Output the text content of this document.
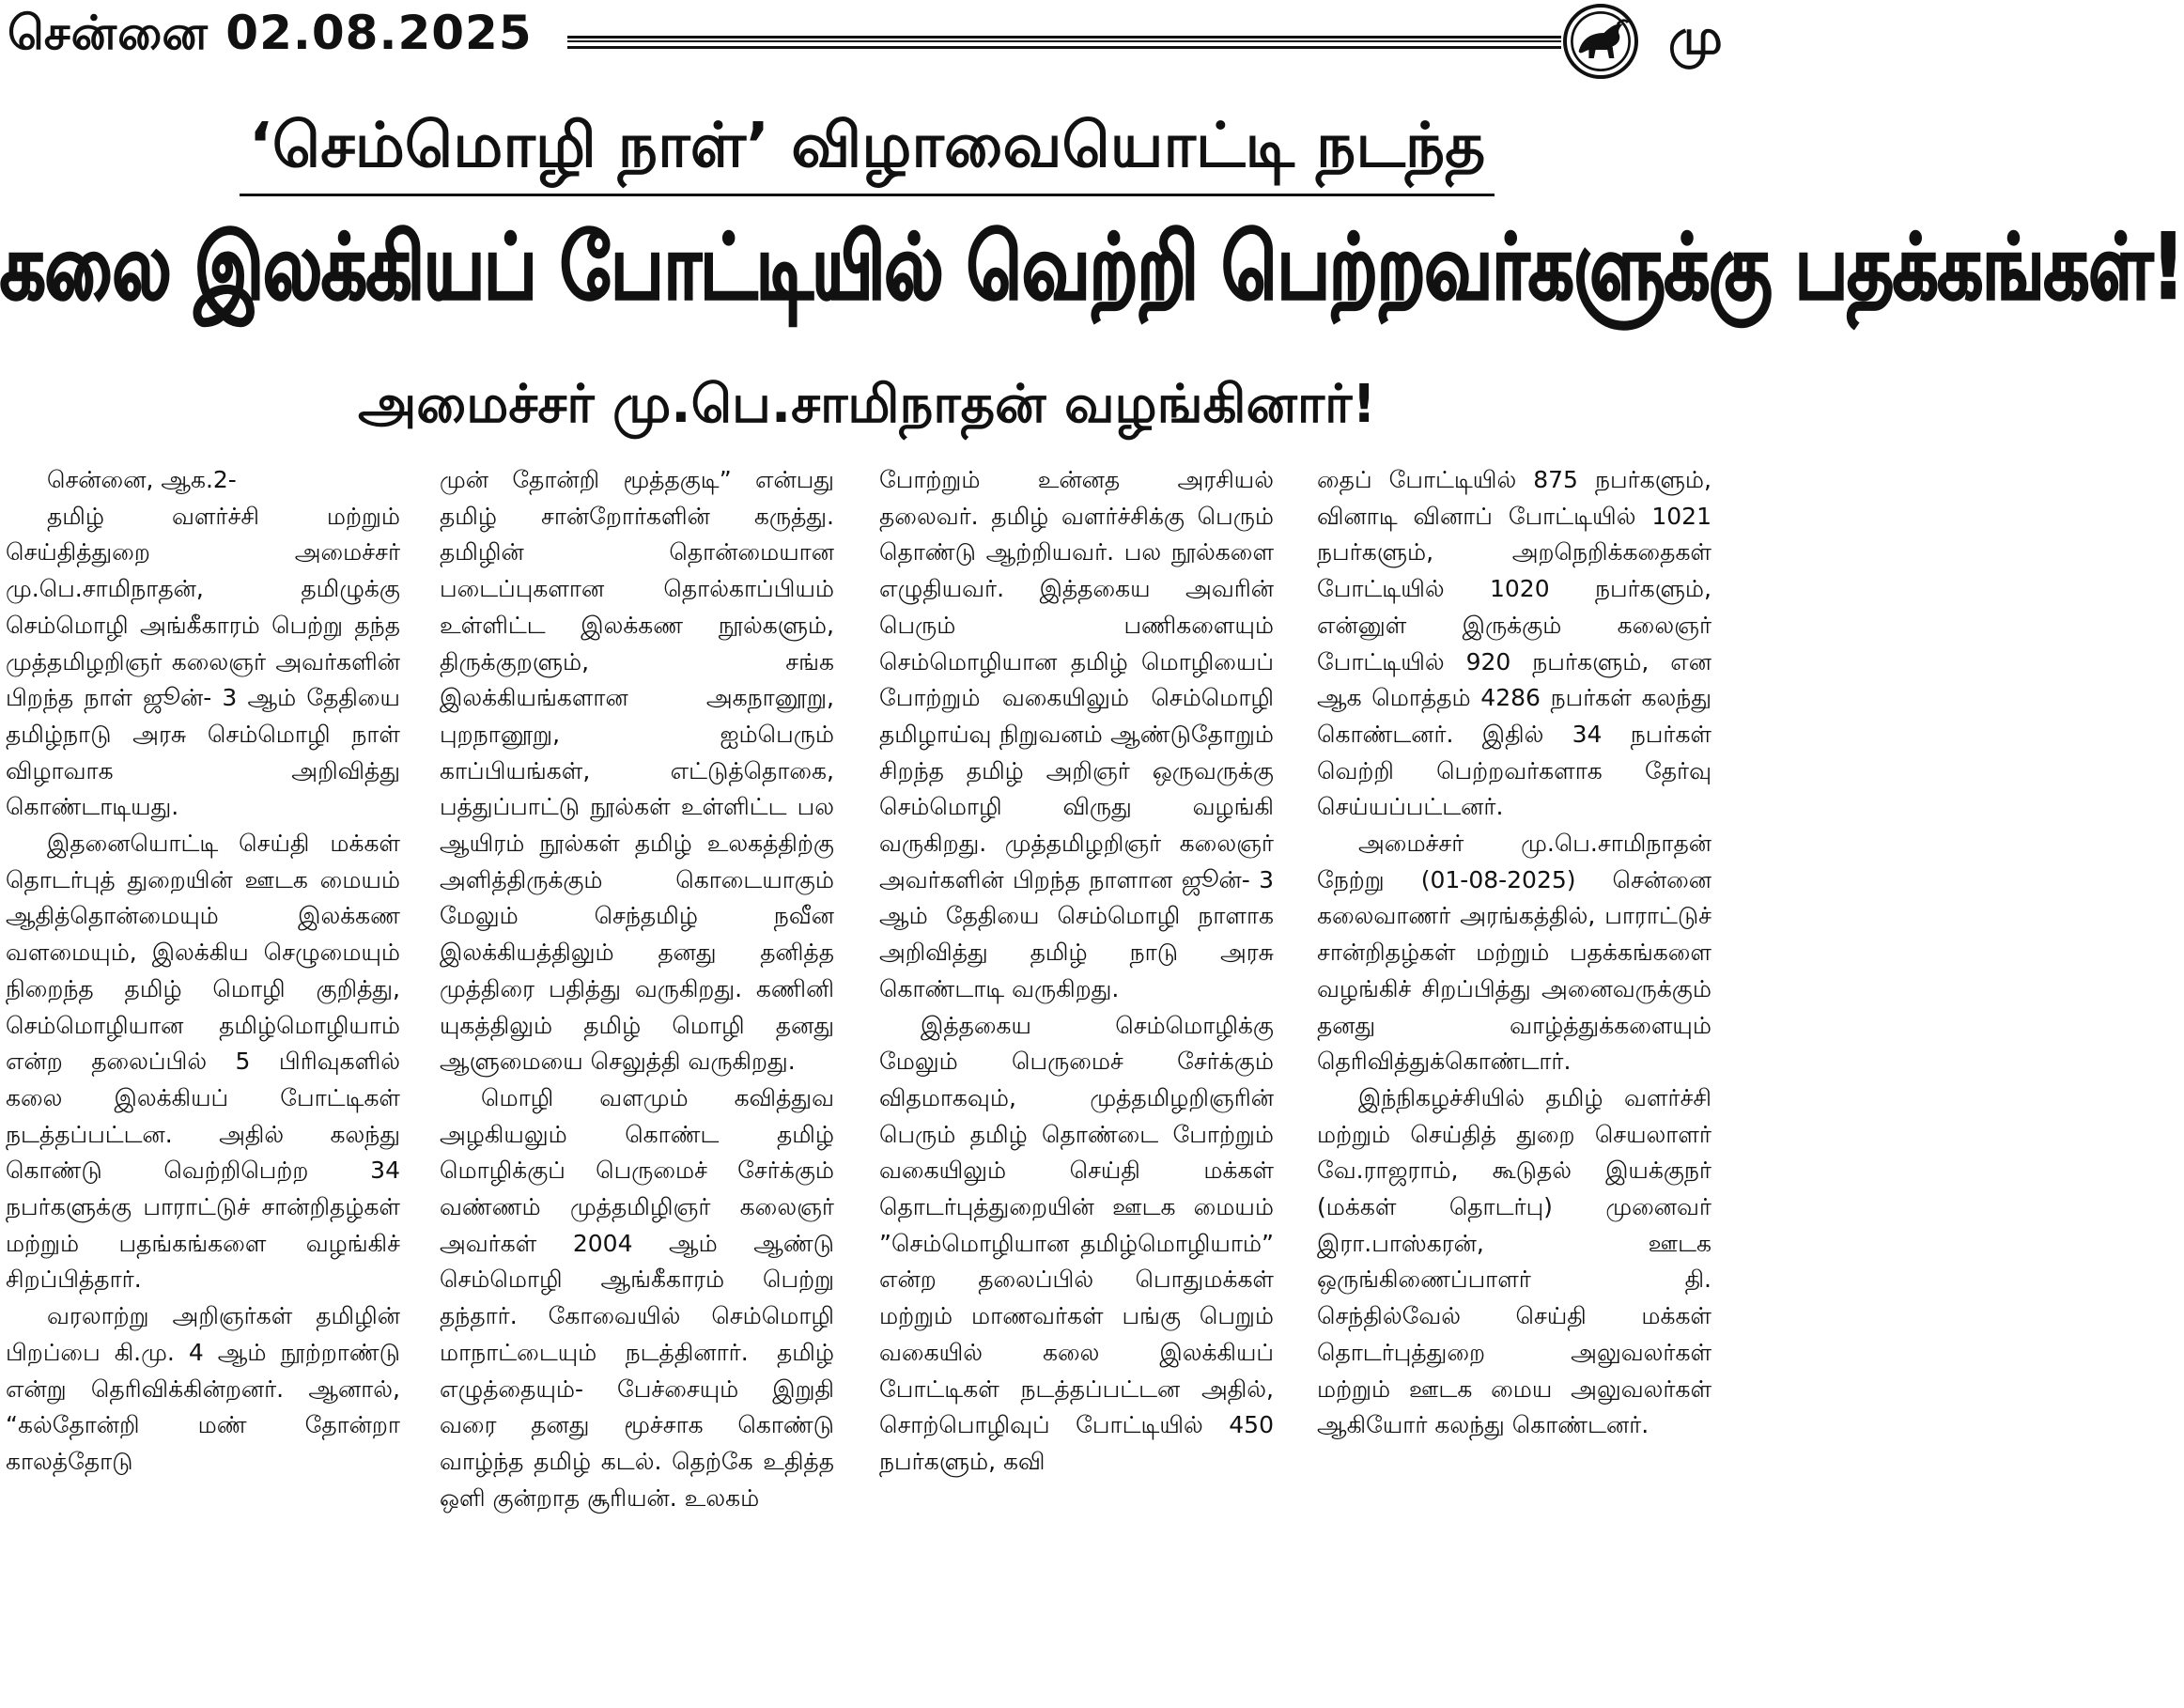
சென்னை 02.08.2025	மு
‘செம்மொழி நாள்’ விழாவையொட்டி நடந்த
கலை இலக்கியப் போட்டியில் வெற்றி பெற்றவர்களுக்கு பதக்கங்கள்!
அமைச்சர் மு.பெ.சாமிநாதன் வழங்கினார்!

சென்னை, ஆக.2-

தமிழ் வளர்ச்சி மற்றும் செய்தித்துறை அமைச்சர் மு.பெ.சாமிநாதன், தமிழுக்கு செம்மொழி அங்கீகாரம் பெற்று தந்த முத்தமிழறிஞர் கலைஞர் அவர்களின் பிறந்த நாள் ஜூன்- 3 ஆம் தேதியை தமிழ்நாடு அரசு செம்மொழி நாள் விழாவாக அறிவித்து கொண்டாடியது.

இதனையொட்டி செய்தி மக்கள் தொடர்புத் துறையின் ஊடக மையம் ஆதித்தொன்மையும் இலக்கண வளமையும், இலக்கிய செழுமையும் நிறைந்த தமிழ் மொழி குறித்து, செம்மொழியான தமிழ்மொழியாம் என்ற தலைப்பில் 5 பிரிவுகளில் கலை இலக்கியப் போட்டிகள் நடத்தப்பட்டன. அதில் கலந்து கொண்டு வெற்றிபெற்ற 34 நபர்களுக்கு பாராட்டுச் சான்றிதழ்கள் மற்றும் பதங்கங்களை வழங்கிச் சிறப்பித்தார்.

வரலாற்று அறிஞர்கள் தமிழின் பிறப்பை கி.மு. 4 ஆம் நூற்றாண்டு என்று தெரிவிக்கின்றனர். ஆனால், “கல்தோன்றி மண் தோன்றா காலத்தோடு

முன் தோன்றி மூத்தகுடி” என்பது தமிழ் சான்றோர்களின் கருத்து. தமிழின் தொன்மையான படைப்புகளான தொல்காப்பியம் உள்ளிட்ட இலக்கண நூல்களும், திருக்குறளும், சங்க இலக்கியங்களான அகநானூறு, புறநானூறு, ஐம்பெரும் காப்பியங்கள், எட்டுத்தொகை, பத்துப்பாட்டு நூல்கள் உள்ளிட்ட பல ஆயிரம் நூல்கள் தமிழ் உலகத்திற்கு அளித்திருக்கும் கொடையாகும் மேலும் செந்தமிழ் நவீன இலக்கியத்திலும் தனது தனித்த முத்திரை பதித்து வருகிறது. கணினி யுகத்திலும் தமிழ் மொழி தனது ஆளுமையை செலுத்தி வருகிறது.

மொழி வளமும் கவித்துவ அழகியலும் கொண்ட தமிழ் மொழிக்குப் பெருமைச் சேர்க்கும் வண்ணம் முத்தமிழிஞர் கலைஞர் அவர்கள் 2004 ஆம் ஆண்டு செம்மொழி ஆங்கீகாரம் பெற்று தந்தார். கோவையில் செம்மொழி மாநாட்டையும் நடத்தினார். தமிழ் எழுத்தையும்- பேச்சையும் இறுதி வரை தனது மூச்சாக கொண்டு வாழ்ந்த தமிழ் கடல். தெற்கே உதித்த ஒளி குன்றாத சூரியன். உலகம்

போற்றும் உன்னத அரசியல் தலைவர். தமிழ் வளர்ச்சிக்கு பெரும் தொண்டு ஆற்றியவர். பல நூல்களை எழுதியவர். இத்தகைய அவரின் பெரும் பணிகளையும் செம்மொழியான தமிழ் மொழியைப் போற்றும் வகையிலும் செம்மொழி தமிழாய்வு நிறுவனம் ஆண்டுதோறும் சிறந்த தமிழ் அறிஞர் ஒருவருக்கு செம்மொழி விருது வழங்கி வருகிறது. முத்தமிழறிஞர் கலைஞர் அவர்களின் பிறந்த நாளான ஜூன்- 3 ஆம் தேதியை செம்மொழி நாளாக அறிவித்து தமிழ் நாடு அரசு கொண்டாடி வருகிறது.

இத்தகைய செம்மொழிக்கு மேலும் பெருமைச் சேர்க்கும் விதமாகவும், முத்தமிழறிஞரின் பெரும் தமிழ் தொண்டை போற்றும் வகையிலும் செய்தி மக்கள் தொடர்புத்துறையின் ஊடக மையம் ”செம்மொழியான தமிழ்மொழியாம்” என்ற தலைப்பில் பொதுமக்கள் மற்றும் மாணவர்கள் பங்கு பெறும் வகையில் கலை இலக்கியப் போட்டிகள் நடத்தப்பட்டன அதில், சொற்பொழிவுப் போட்டியில் 450 நபர்களும், கவி

தைப் போட்டியில் 875 நபர்களும், வினாடி வினாப் போட்டியில் 1021 நபர்களும், அறநெறிக்கதைகள் போட்டியில் 1020 நபர்களும், என்னுள் இருக்கும் கலைஞர் போட்டியில் 920 நபர்களும், என ஆக மொத்தம் 4286 நபர்கள் கலந்து கொண்டனர். இதில் 34 நபர்கள் வெற்றி பெற்றவர்களாக தேர்வு செய்யப்பட்டனர்.

அமைச்சர் மு.பெ.சாமிநாதன் நேற்று (01-08-2025) சென்னை கலைவாணர் அரங்கத்தில், பாராட்டுச் சான்றிதழ்கள் மற்றும் பதக்கங்களை வழங்கிச் சிறப்பித்து அனைவருக்கும் தனது வாழ்த்துக்களையும் தெரிவித்துக்கொண்டார்.

இந்நிகழச்சியில் தமிழ் வளர்ச்சி மற்றும் செய்தித் துறை செயலாளர் வே.ராஜராம், கூடுதல் இயக்குநர் (மக்கள் தொடர்பு) முனைவர் இரா.பாஸ்கரன், ஊடக ஒருங்கிணைப்பாளர் தி. செந்தில்வேல் செய்தி மக்கள் தொடர்புத்துறை அலுவலர்கள் மற்றும் ஊடக மைய அலுவலர்கள் ஆகியோர் கலந்து கொண்டனர்.
